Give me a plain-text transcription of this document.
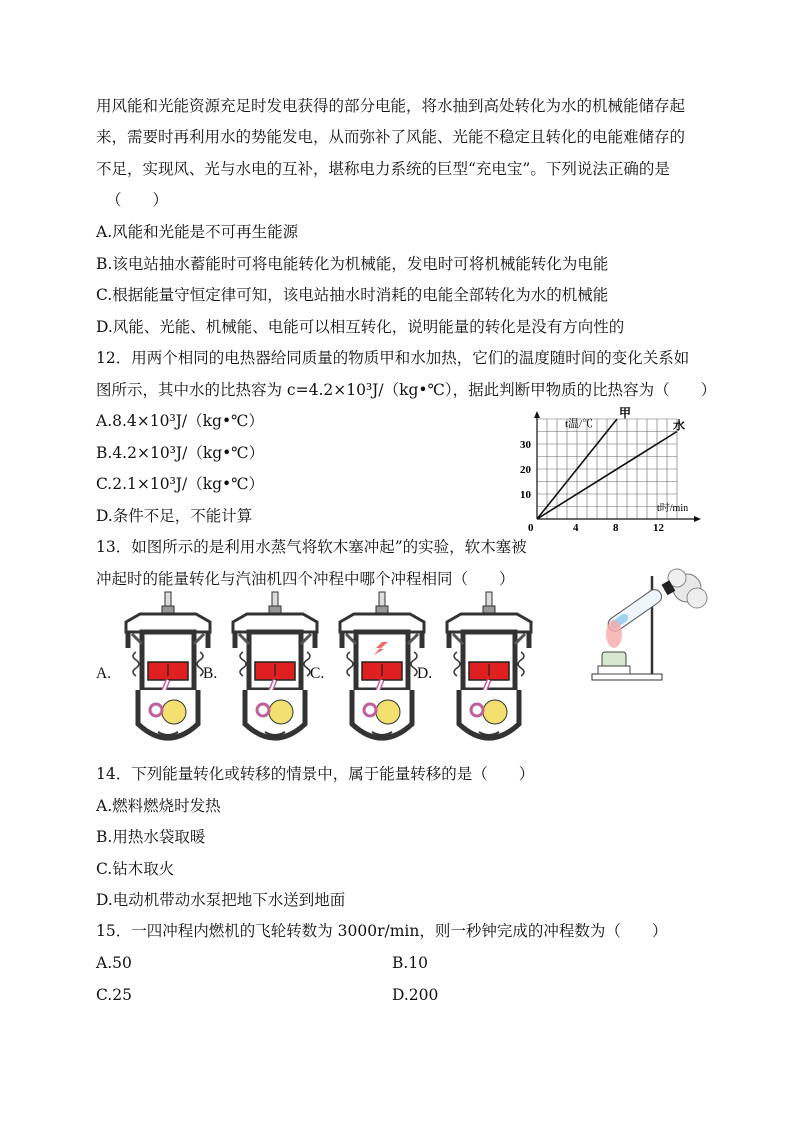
用风能和光能资源充足时发电获得的部分电能，将水抽到高处转化为水的机械能储存起
来，需要时再利用水的势能发电，从而弥补了风能、光能不稳定且转化的电能难储存的
不足，实现风、光与水电的互补，堪称电力系统的巨型“充电宝”。下列说法正确的是
（　　）
A.风能和光能是不可再生能源
B.该电站抽水蓄能时可将电能转化为机械能，发电时可将机械能转化为电能
C.根据能量守恒定律可知，该电站抽水时消耗的电能全部转化为水的机械能
D.风能、光能、机械能、电能可以相互转化，说明能量的转化是没有方向性的
12．用两个相同的电热器给同质量的物质甲和水加热，它们的温度随时间的变化关系如
图所示，其中水的比热容为 c=4.2×10³J/（kg•℃），据此判断甲物质的比热容为（　　）
A.8.4×10³J/（kg•℃）
B.4.2×10³J/（kg•℃）
C.2.1×10³J/（kg•℃）
D.条件不足，不能计算
甲
水
4	8	12
10
20
30
t温/℃
t时/min
0
13．如图所示的是利用水蒸气将软木塞冲起”的实验，软木塞被
冲起时的能量转化与汽油机四个冲程中哪个冲程相同（　　）
A.	B.	C.	D.
14．下列能量转化或转移的情景中，属于能量转移的是（　　）
A.燃料燃烧时发热
B.用热水袋取暖
C.钻木取火
D.电动机带动水泵把地下水送到地面
15．一四冲程内燃机的飞轮转数为 3000r/min，则一秒钟完成的冲程数为（　　）
A.50	B.10
C.25	D.200
